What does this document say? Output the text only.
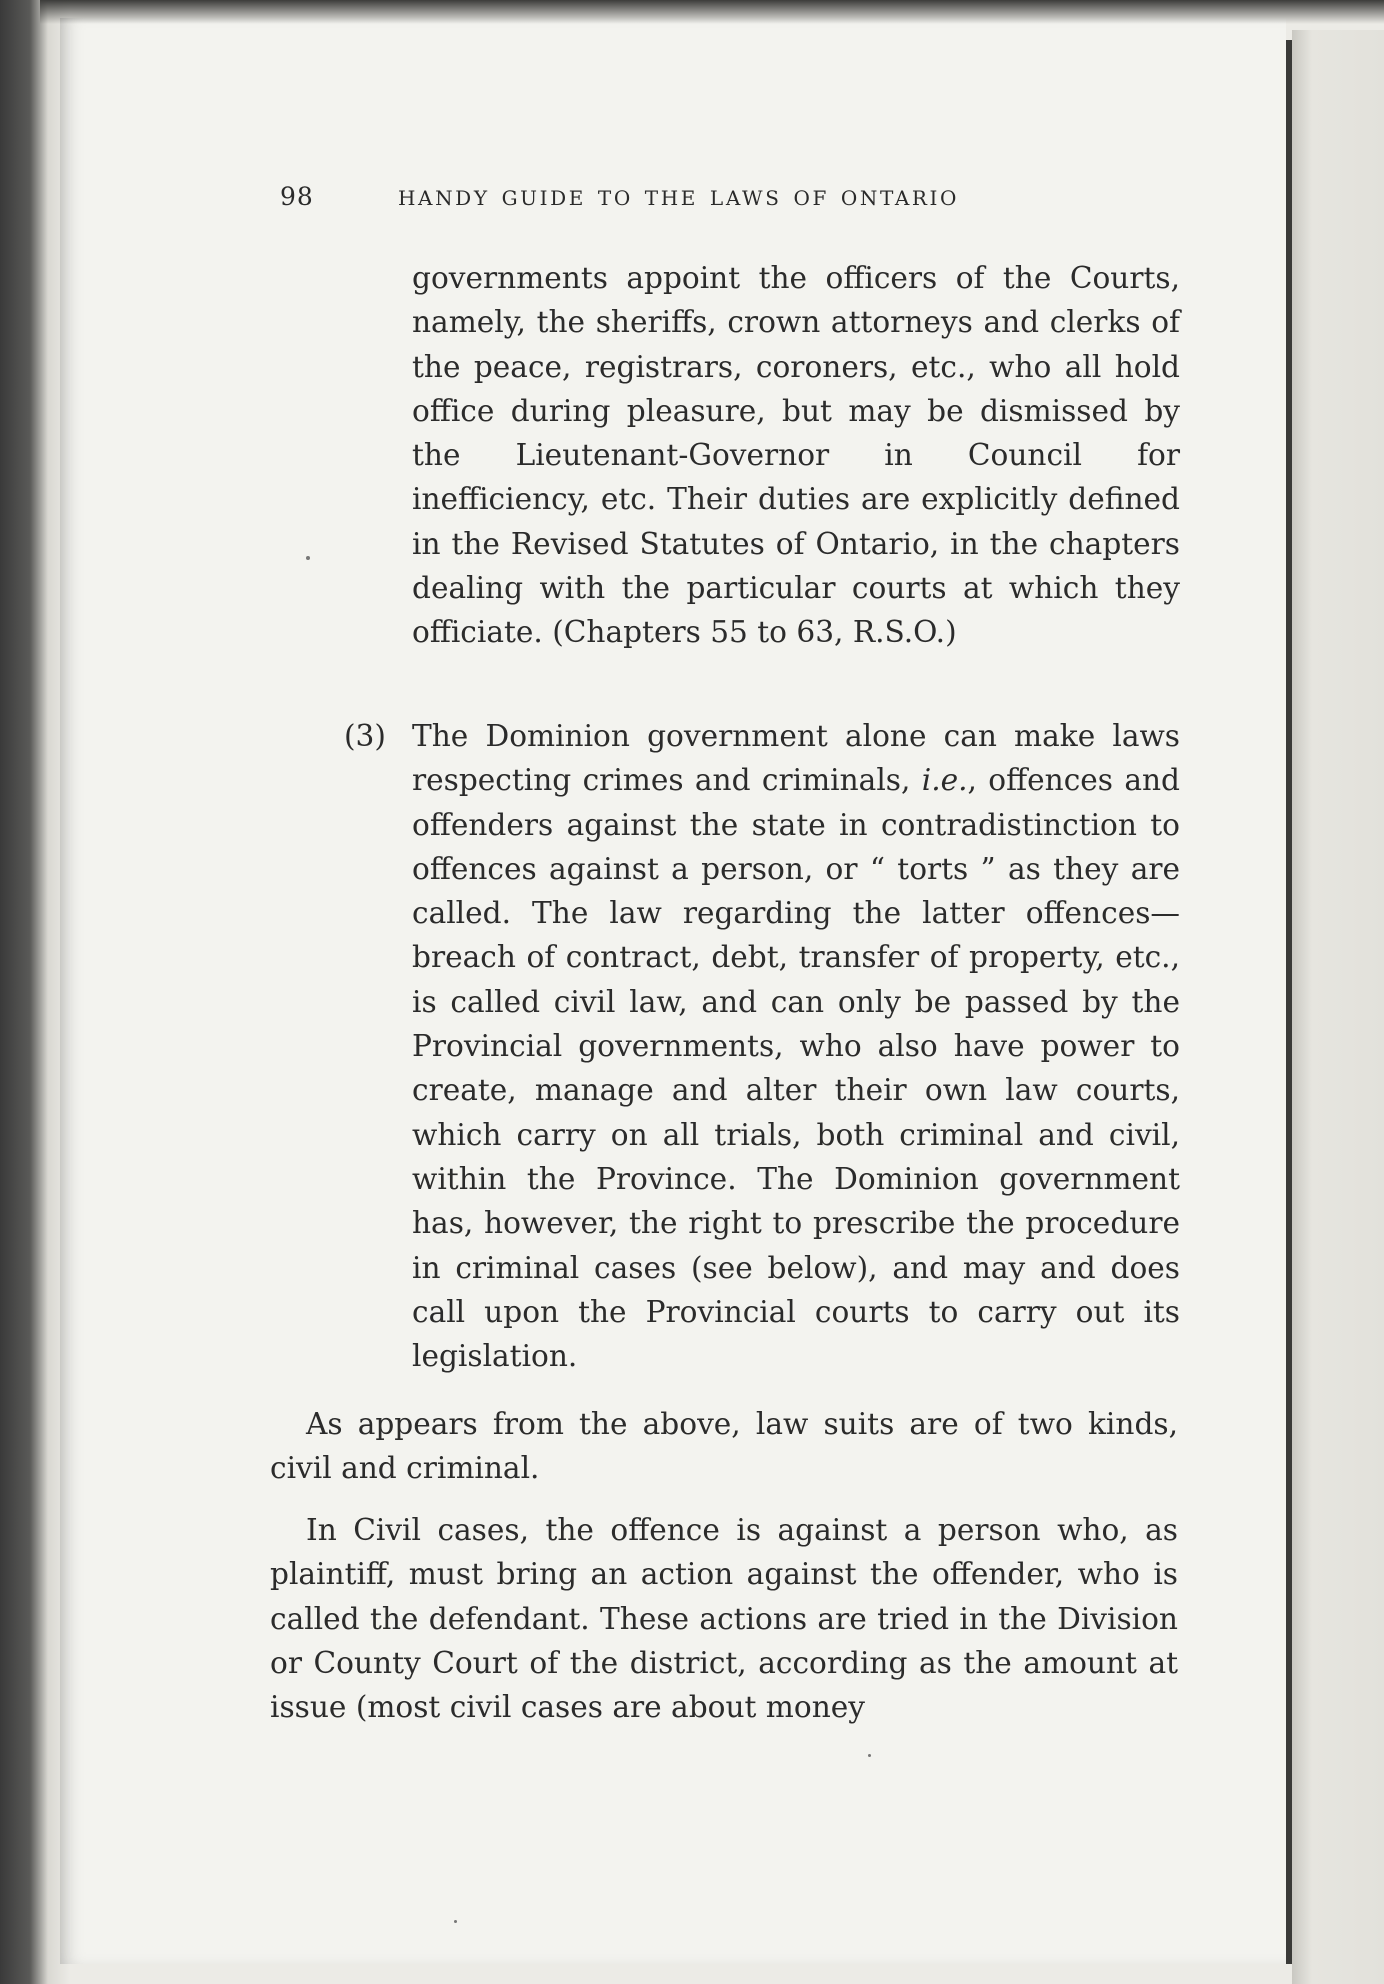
98	HANDY GUIDE TO THE LAWS OF ONTARIO
governments appoint the officers of the Courts, namely, the sheriffs, crown attorneys and clerks of the peace, registrars, coroners, etc., who all hold office during pleasure, but may be dismissed by the Lieutenant-Governor in Council for inefficiency, etc. Their duties are explicitly defined in the Revised Statutes of Ontario, in the chapters dealing with the particular courts at which they officiate. (Chapters 55 to 63, R.S.O.)
(3) The Dominion government alone can make laws respecting crimes and criminals, i.e., offences and offenders against the state in contradistinction to offences against a person, or “ torts ” as they are called. The law regarding the latter offences—breach of contract, debt, transfer of property, etc., is called civil law, and can only be passed by the Provincial governments, who also have power to create, manage and alter their own law courts, which carry on all trials, both criminal and civil, within the Province. The Dominion government has, however, the right to prescribe the procedure in criminal cases (see below), and may and does call upon the Provincial courts to carry out its legislation.
As appears from the above, law suits are of two kinds, civil and criminal.
In Civil cases, the offence is against a person who, as plaintiff, must bring an action against the offender, who is called the defendant. These actions are tried in the Division or County Court of the district, according as the amount at issue (most civil cases are about money
